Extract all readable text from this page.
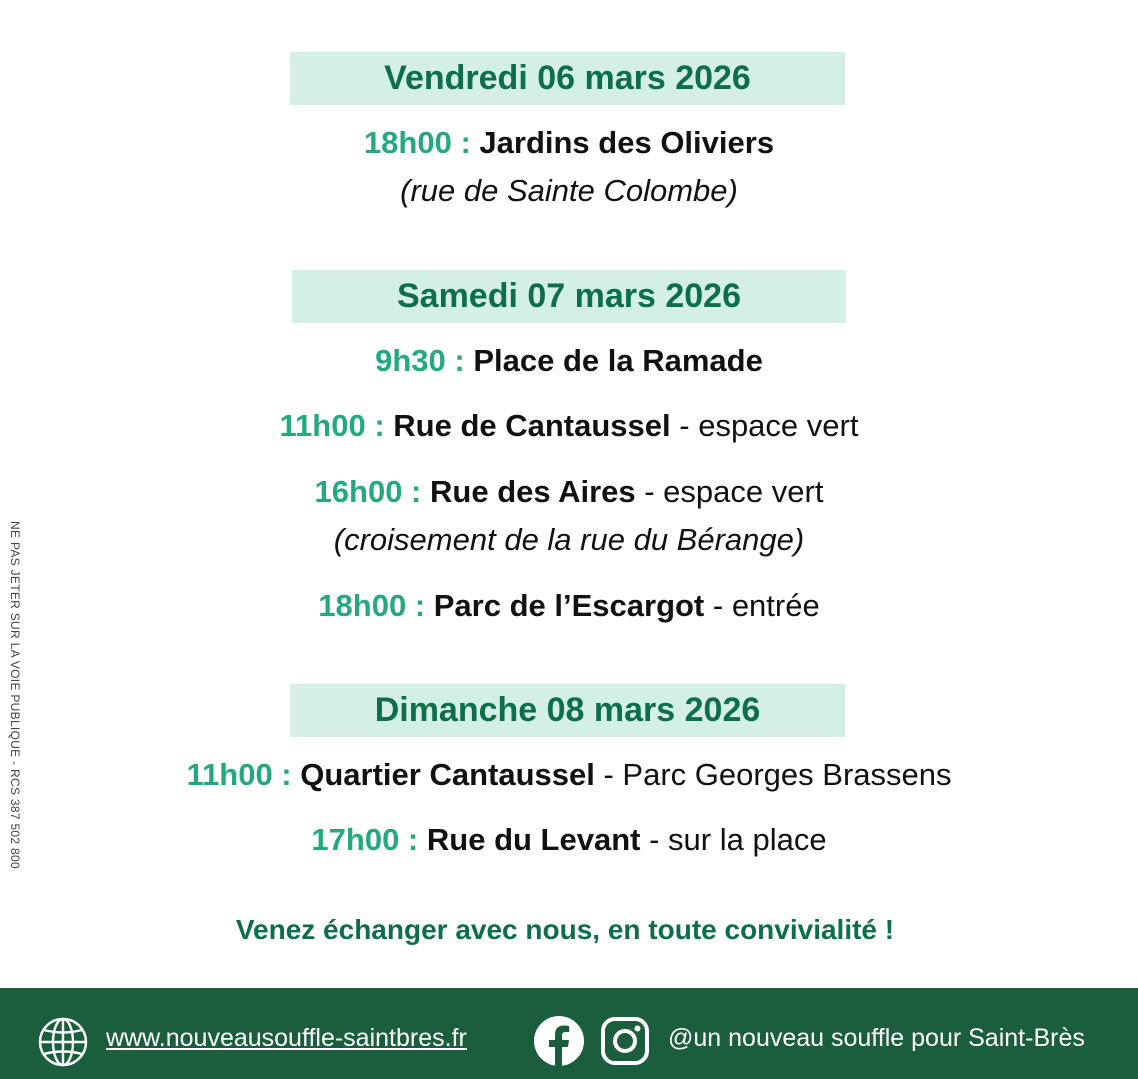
NE PAS JETER SUR LA VOIE PUBLIQUE - RCS 387 502 800
Vendredi 06 mars 2026
18h00 : Jardins des Oliviers
(rue de Sainte Colombe)
Samedi 07 mars 2026
9h30 : Place de la Ramade
11h00 : Rue de Cantaussel - espace vert
16h00 : Rue des Aires - espace vert
(croisement de la rue du Bérange)
18h00 : Parc de l’Escargot - entrée
Dimanche 08 mars 2026
11h00 : Quartier Cantaussel - Parc Georges Brassens
17h00 : Rue du Levant - sur la place
Venez échanger avec nous, en toute convivialité !
www.nouveausouffle-saintbres.fr	@un nouveau souffle pour Saint-Brès
